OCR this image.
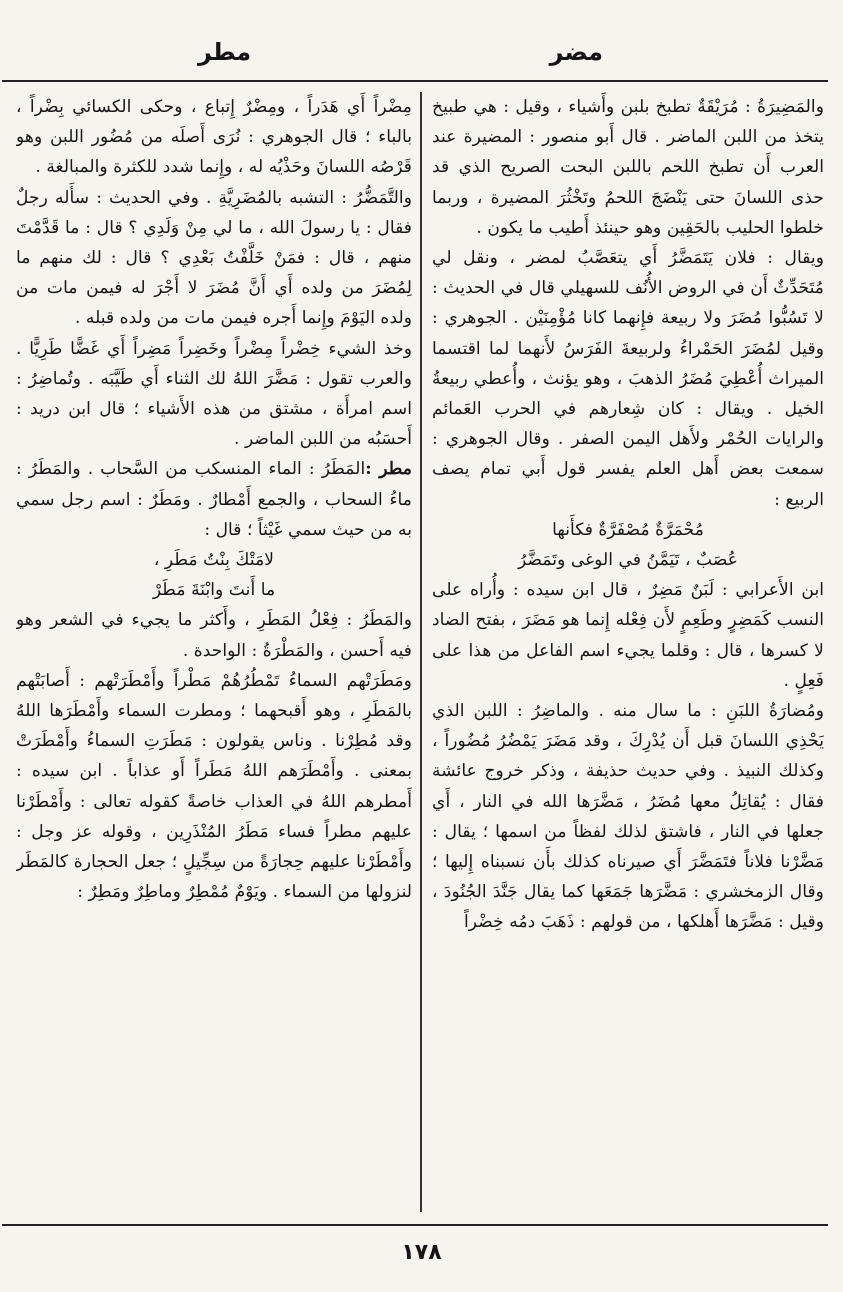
مضر
مطر

والمَضِيرَةُ : مُرَيْقَةٌ تطبخ بلبن وأَشياء ، وقيل : هي طبيخ يتخذ من اللبن الماضر . قال أَبو منصور : المضيرة عند العرب أَن تطبخ اللحم باللبن البحت الصريح الذي قد حذى اللسانَ حتى يَنْضَجَ اللحمُ وتَخْثُرَ المضيرة ، وربما خلطوا الحليب بالحَقِين وهو حينئذ أَطيب ما يكون .

ويقال : فلان يَتَمَضَّرُ أَي يتعَصَّبُ لمضر ، ونقل لي مُتَحَدِّثٌ أَن في الروض الأُنُف للسهيلي قال في الحديث : لا تَسُبُّوا مُضَرَ ولا ربيعة فإِنهما كانا مُؤْمِنَيْن . الجوهري : وقيل لمُضَرَ الحَمْراءُ ولربيعةَ الفَرَسُ لأَنهما لما اقتسما الميراث أُعْطِيَ مُضَرُ الذهبَ ، وهو يؤنث ، وأُعطي ربيعةُ الخيل . ويقال : كان شِعارهم في الحرب العَمائم والرايات الحُمْر ولأَهل اليمن الصفر . وقال الجوهري : سمعت بعض أَهل العلم يفسر قول أَبي تمام يصف الربيع :

مُحْمَرَّةٌ مُصْفَرَّةٌ فكأَنها

عُصَبٌ ، تَيَمَّنُ في الوغى وتَمَضَّرُ

ابن الأَعرابي : لَبَنٌ مَضِرٌ ، قال ابن سيده : وأُراه على النسب كَمَضِرٍ وطَعِمٍ لأَن فِعْله إِنما هو مَضَرَ ، بفتح الضاد لا كسرها ، قال : وقلما يجيء اسم الفاعل من هذا على فَعِلٍ .

ومُضارَةُ اللبَنِ : ما سال منه . والماضِرُ : اللبن الذي يَحْذِي اللسانَ قبل أَن يُدْرِكَ ، وقد مَضَرَ يَمْضُرُ مُضُوراً ، وكذلك النبيذ . وفي حديث حذيفة ، وذكر خروج عائشة فقال : يُقاتِلُ معها مُضَرُ ، مَضَّرَها الله في النار ، أَي جعلها في النار ، فاشتق لذلك لفظاً من اسمها ؛ يقال : مَضَّرْنا فلاناً فتَمَضَّرَ أَي صيرناه كذلك بأَن نسبناه إِليها ؛ وقال الزمخشري : مَضَّرَها جَمَعَها كما يقال جَنَّدَ الجُنُودَ ، وقيل : مَضَّرَها أَهلكها ، من قولهم : ذَهَبَ دمُه خِضْراً

مِضْراً أَي هَدَراً ، ومِضْرٌ إِتباع ، وحكى الكسائي بِضْراً ، بالباء ؛ قال الجوهري : نُرَى أَصلَه من مُضُور اللبن وهو قَرْصُه اللسانَ وحَذْيُه له ، وإِنما شدد للكثرة والمبالغة .

والتَّمَضُّرُ : التشبه بالمُضَرِيَّةِ . وفي الحديث : سأَله رجلٌ فقال : يا رسولَ الله ، ما لي مِنْ وَلَدِي ؟ قال : ما قَدَّمْتَ منهم ، قال : فمَنْ خَلَّفْتُ بَعْدِي ؟ قال : لك منهم ما لِمُضَرَ من ولده أَي أَنَّ مُضَرَ لا أَجْرَ له فيمن مات من ولده اليَوْمَ وإِنما أَجره فيمن مات من ولده قبله .

وخذ الشيء خِضْراً مِضْراً وخَضِراً مَضِراً أَي غَضًّا طَرِيًّا . والعرب تقول : مَضَّرَ اللهُ لك الثناء أَي طَيَّبَه . وتُماضِرُ : اسم امرأَة ، مشتق من هذه الأَشياء ؛ قال ابن دريد : أَحسَبُه من اللبن الماضر .

مطر :المَطَرُ : الماء المنسكب من السَّحاب . والمَطَرُ : ماءُ السحاب ، والجمع أَمْطارٌ . ومَطَرٌ : اسم رجل سمي به من حيث سمي غَيْثاً ؛ قال :

لامَتْكَ بِنْتُ مَطَرِ ،

ما أَنتَ وابْنَةَ مَطَرْ

والمَطَرُ : فِعْلُ المَطَرِ ، وأَكثر ما يجيء في الشعر وهو فيه أَحسن ، والمَطْرَةُ : الواحدة .

ومَطَرَتْهم السماءُ تَمْطُرُهُمْ مَطْراً وأَمْطَرَتْهم : أَصابَتْهم بالمَطَرِ ، وهو أَقبحهما ؛ ومطرت السماء وأَمْطَرَها اللهُ وقد مُطِرْنا . وناس يقولون : مَطَرَتِ السماءُ وأَمْطَرَتْ بمعنى . وأَمْطَرَهم اللهُ مَطَراً أَو عذاباً . ابن سيده : أَمطرهم اللهُ في العذاب خاصةً كقوله تعالى : وأَمْطَرْنا عليهم مطراً فساء مَطَرُ المُنْذَرِين ، وقوله عز وجل : وأَمْطَرْنا عليهم حِجارَةً من سِجِّيلٍ ؛ جعل الحجارة كالمَطَر لنزولها من السماء . ويَوْمٌ مُمْطِرٌ وماطِرٌ ومَطِرٌ :

١٧٨
